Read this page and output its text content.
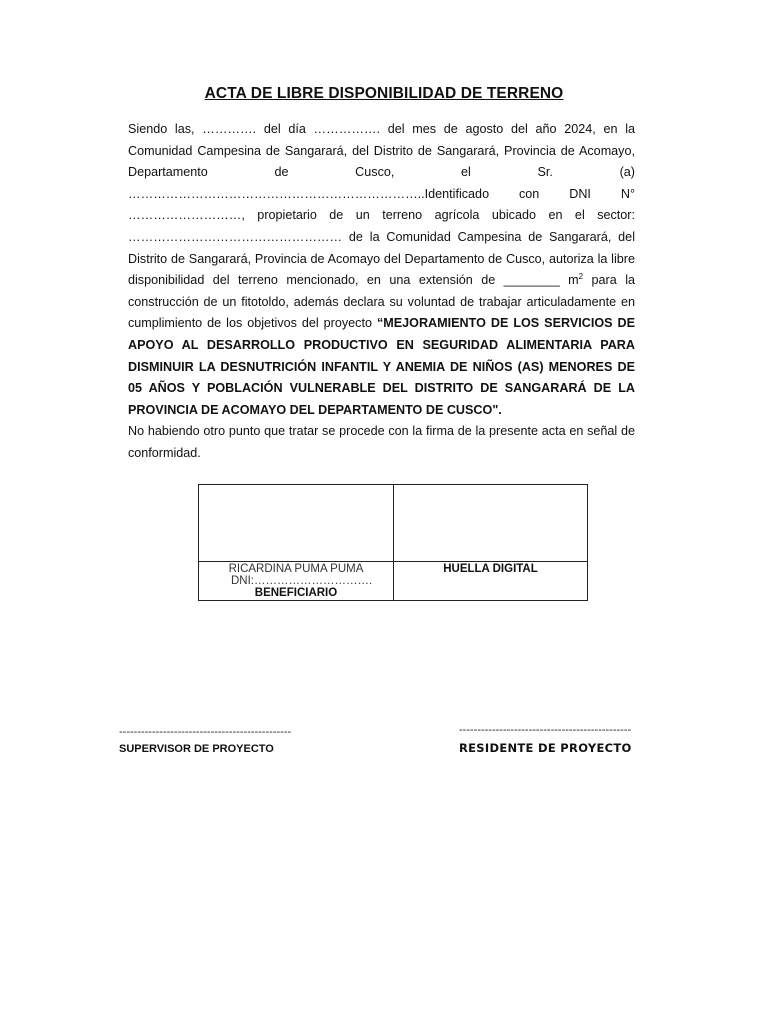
ACTA DE LIBRE DISPONIBILIDAD DE TERRENO

Siendo las, …………. del día ……………. del mes de agosto del año 2024, en la Comunidad Campesina de Sangarará, del Distrito de Sangarará, Provincia de Acomayo, Departamento de Cusco, el Sr. (a) ……………………………………………………………..Identificado con DNI N° ………………………, propietario de un terreno agrícola ubicado en el sector: …………………………………………… de la Comunidad Campesina de Sangarará, del Distrito de Sangarará, Provincia de Acomayo del Departamento de Cusco, autoriza la libre disponibilidad del terreno mencionado, en una extensión de ________ $m^2$ para la construcción de un fitotoldo, además declara su voluntad de trabajar articuladamente en cumplimiento de los objetivos del proyecto “MEJORAMIENTO DE LOS SERVICIOS DE APOYO AL DESARROLLO PRODUCTIVO EN SEGURIDAD ALIMENTARIA PARA DISMINUIR LA DESNUTRICIÓN INFANTIL Y ANEMIA DE NIÑOS (AS) MENORES DE 05 AÑOS Y POBLACIÓN VULNERABLE DEL DISTRITO DE SANGARARÁ DE LA PROVINCIA DE ACOMAYO DEL DEPARTAMENTO DE CUSCO".

No habiendo otro punto que tratar se procede con la firma de la presente acta en señal de conformidad.

RICARDINA PUMA PUMA
DNI:………………………….
BENEFICIARIO
HUELLA DIGITAL
-----------------------------------------------
SUPERVISOR DE PROYECTO
-----------------------------------------------
RESIDENTE DE PROYECTO
